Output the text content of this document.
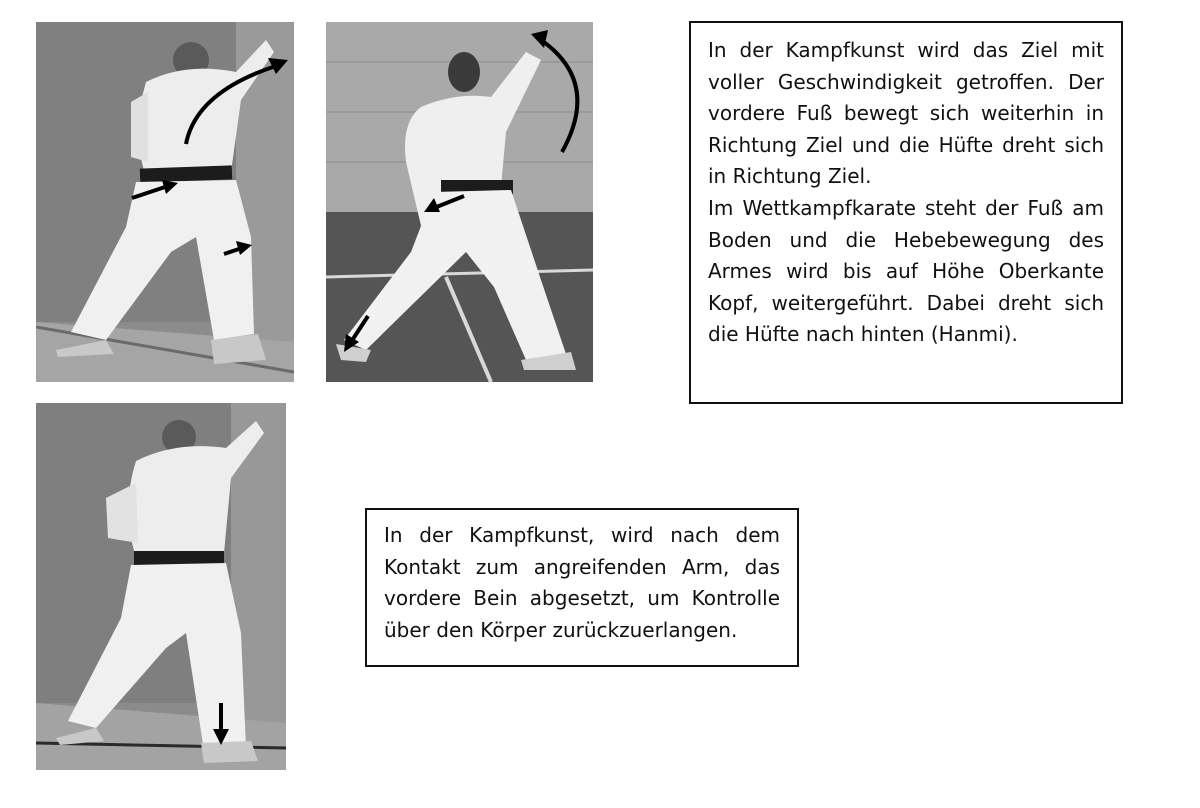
In der Kampfkunst wird das Ziel mit voller Geschwindigkeit getroffen. Der vordere Fuß bewegt sich weiterhin in Richtung Ziel und die Hüfte dreht sich in Richtung Ziel.

Im Wettkampfkarate steht der Fuß am Boden und die Hebebewegung des Armes wird bis auf Höhe Oberkante Kopf, weitergeführt. Dabei dreht sich die Hüfte nach hinten (Hanmi).

In der Kampfkunst, wird nach dem Kontakt zum angreifenden Arm, das vordere Bein abgesetzt, um Kontrolle über den Körper zurückzuerlangen.
